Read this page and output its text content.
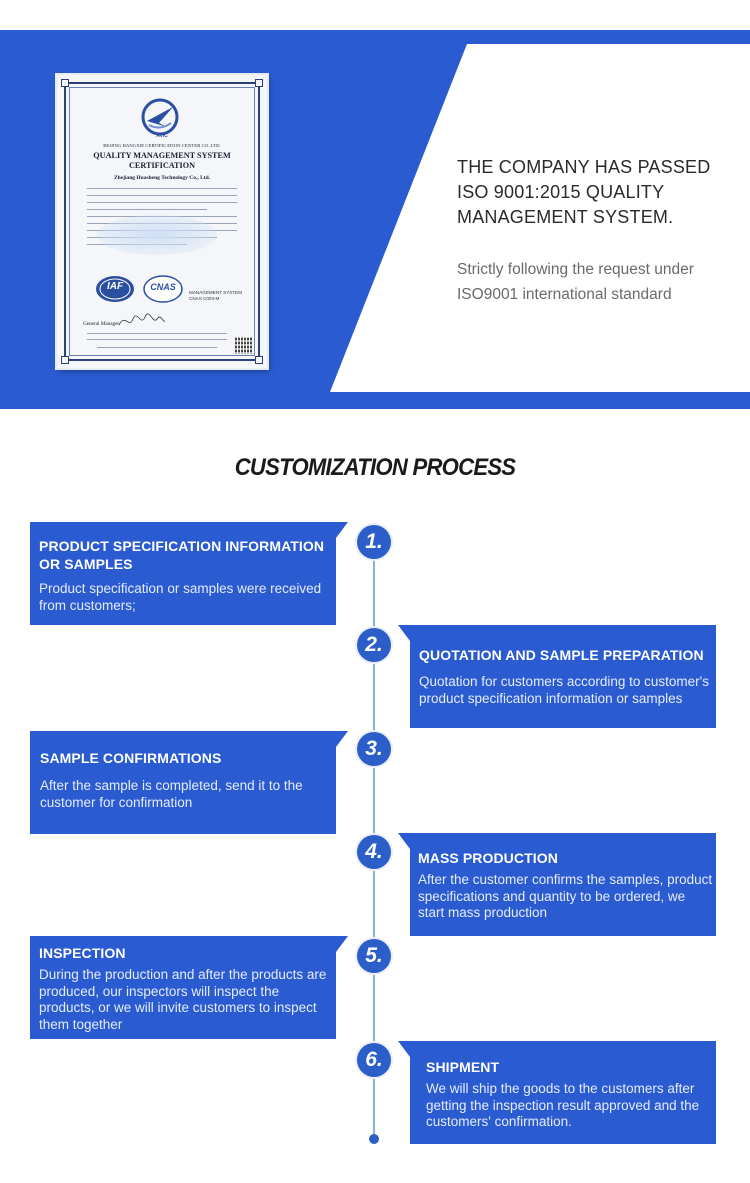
AVIC
BEIJING HANGXIE CERTIFICATION CENTER CO.,LTD.
QUALITY MANAGEMENT SYSTEM
CERTIFICATION
Zhejiang Huasheng Technology Co., Ltd.
IAF	CNAS
MANAGEMENT SYSTEM
CNAS C003-M
General Manager
THE COMPANY HAS PASSED
ISO 9001:2015 QUALITY
MANAGEMENT SYSTEM.
Strictly following the request under
ISO9001 international standard
CUSTOMIZATION PROCESS
PRODUCT SPECIFICATION INFORMATION
OR SAMPLES
Product specification or samples were received
from customers;
1.
QUOTATION AND SAMPLE PREPARATION
Quotation for customers according to customer's
product specification information or samples
2.
SAMPLE CONFIRMATIONS
After the sample is completed, send it to the
customer for confirmation
3.
MASS PRODUCTION
After the customer confirms the samples, product
specifications and quantity to be ordered, we
start mass production
4.
INSPECTION
During the production and after the products are
produced, our inspectors will inspect the
products, or we will invite customers to inspect
them together
5.
SHIPMENT
We will ship the goods to the customers after
getting the inspection result approved and the
customers' confirmation.
6.
